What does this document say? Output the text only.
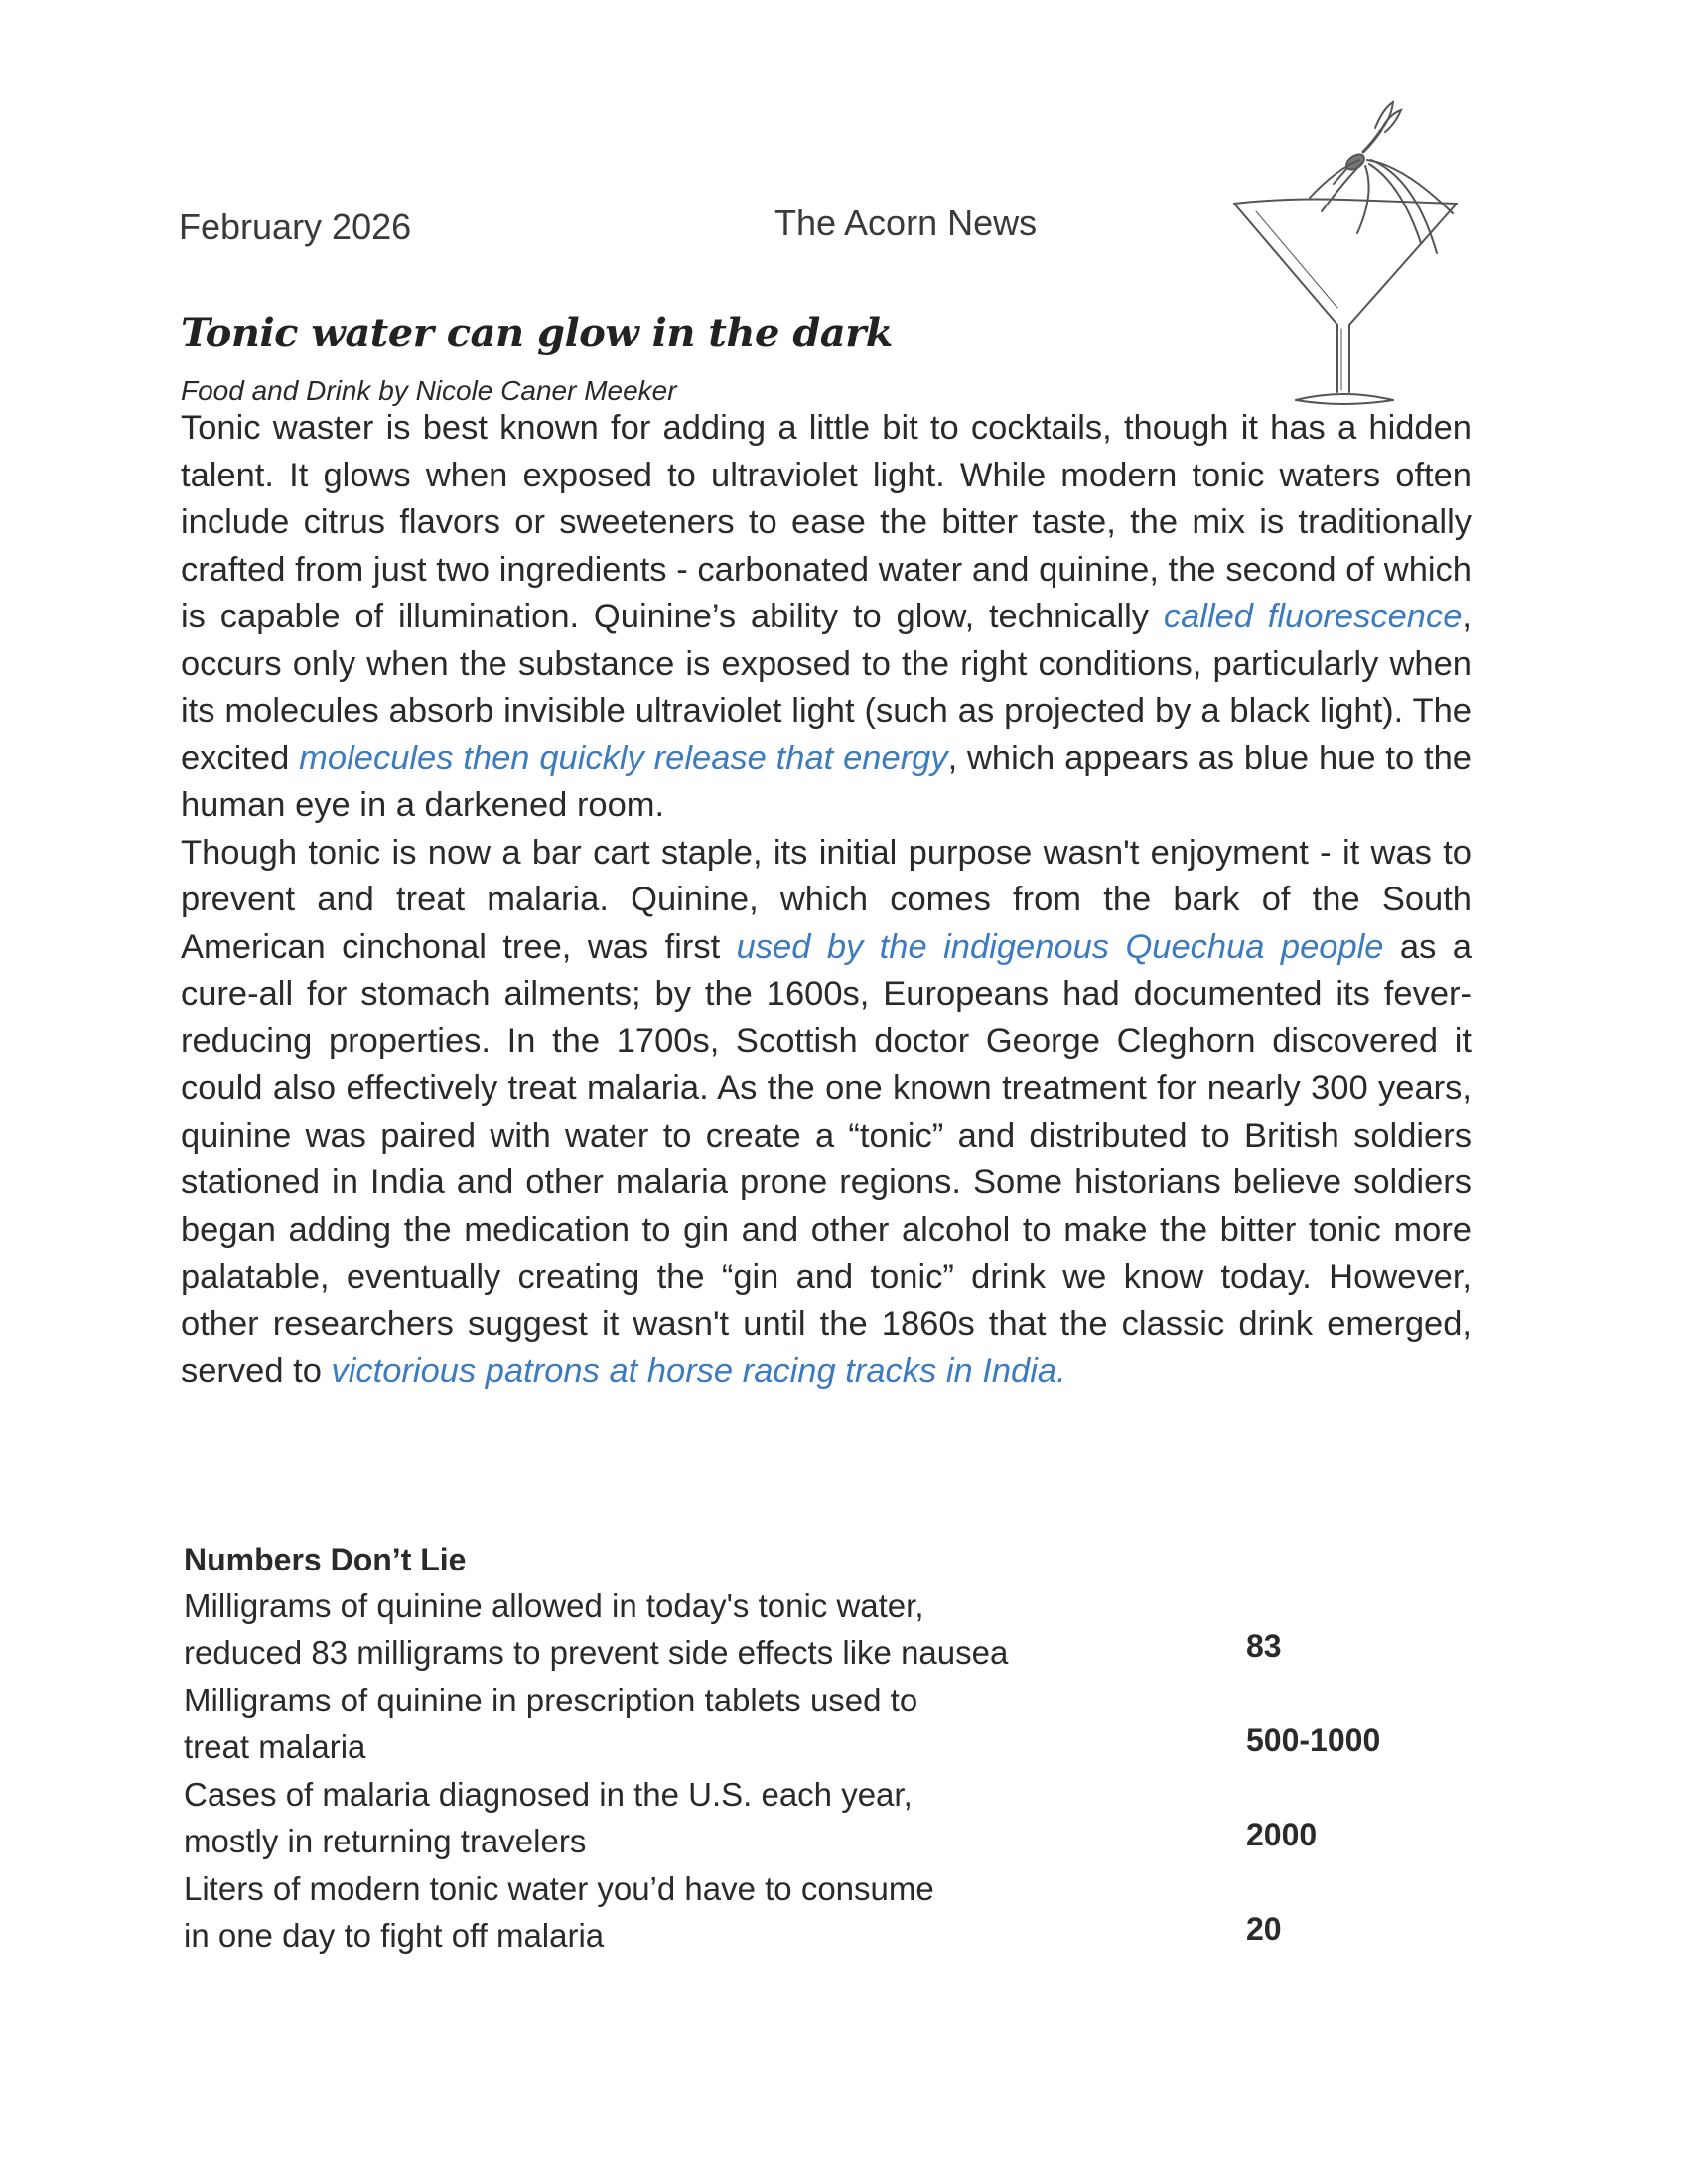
February 2026	The Acorn News
Tonic water can glow in the dark
Food and Drink by Nicole Caner Meeker

Tonic waster is best known for adding a little bit to cocktails, though it has a hidden talent. It glows when exposed to ultraviolet light. While modern tonic waters often include citrus flavors or sweeteners to ease the bitter taste, the mix is traditionally crafted from just two ingredients - carbonated water and quinine, the second of which is capable of illumination. Quinine’s ability to glow, technically called fluorescence, occurs only when the substance is exposed to the right conditions, particularly when its molecules absorb invisible ultraviolet light (such as projected by a black light). The excited molecules then quickly release that energy, which appears as blue hue to the human eye in a darkened room.

Though tonic is now a bar cart staple, its initial purpose wasn't enjoyment - it was to prevent and treat malaria. Quinine, which comes from the bark of the South American cinchonal tree, was first used by the indigenous Quechua people as a cure-all for stomach ailments; by the 1600s, Europeans had documented its fever-reducing properties. In the 1700s, Scottish doctor George Cleghorn discovered it could also effectively treat malaria. As the one known treatment for nearly 300 years, quinine was paired with water to create a “tonic” and distributed to British soldiers stationed in India and other malaria prone regions. Some historians believe soldiers began adding the medication to gin and other alcohol to make the bitter tonic more palatable, eventually creating the “gin and tonic” drink we know today. However, other researchers suggest it wasn't until the 1860s that the classic drink emerged, served to victorious patrons at horse racing tracks in India.

Numbers Don’t Lie
Milligrams of quinine allowed in today's tonic water,
reduced 83 milligrams to prevent side effects like nausea	83
Milligrams of quinine in prescription tablets used to
treat malaria	500-1000
Cases of malaria diagnosed in the U.S. each year,
mostly in returning travelers	2000
Liters of modern tonic water you’d have to consume
in one day to fight off malaria	20
